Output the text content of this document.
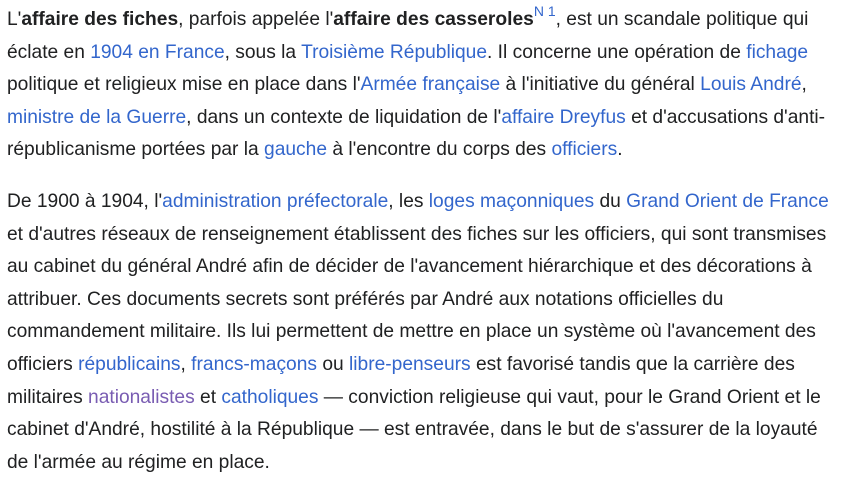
L'affaire des fiches, parfois appelée l'affaire des casseroles$^{N 1}$, est un scandale politique qui éclate en 1904 en France, sous la Troisième République. Il concerne une opération de fichage politique et religieux mise en place dans l'Armée française à l'initiative du général Louis André, ministre de la Guerre, dans un contexte de liquidation de l'affaire Dreyfus et d'accusations d'anti-républicanisme portées par la gauche à l'encontre du corps des officiers.

De 1900 à 1904, l'administration préfectorale, les loges maçonniques du Grand Orient de France et d'autres réseaux de renseignement établissent des fiches sur les officiers, qui sont transmises au cabinet du général André afin de décider de l'avancement hiérarchique et des décorations à attribuer. Ces documents secrets sont préférés par André aux notations officielles du commandement militaire. Ils lui permettent de mettre en place un système où l'avancement des officiers républicains, francs-maçons ou libre-penseurs est favorisé tandis que la carrière des militaires nationalistes et catholiques — conviction religieuse qui vaut, pour le Grand Orient et le cabinet d'André, hostilité à la République — est entravée, dans le but de s'assurer de la loyauté de l'armée au régime en place.
